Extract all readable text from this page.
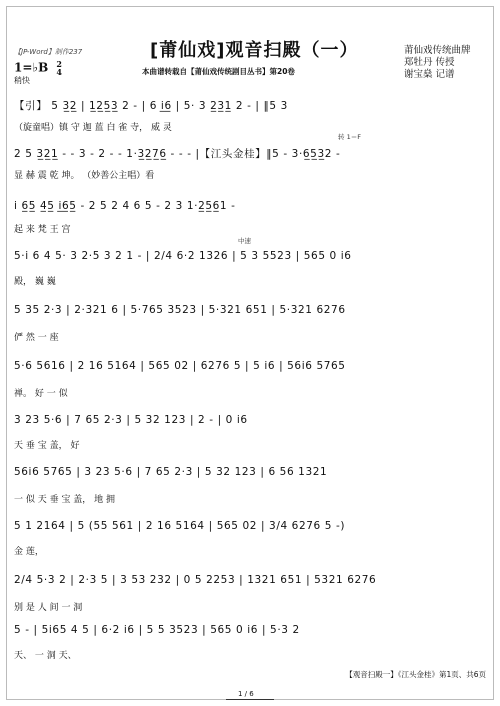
【JP-Word】制作237	[莆仙戏]观音扫殿（一）
本曲谱转载自【莆仙戏传统剧目丛书】第20卷
莆仙戏传统曲牌
郑牡丹 传授
谢宝燊 记谱
1=♭B 2
4
稍快
【引】 5 3̲2̲ | 1̲2̲5̲3̲ 2 - | 6 i̲6̲ | 5· 3 2̲3̲1̲ 2 - | ‖5 3
（旋童唱）镇 守 迦 蓝 白 雀 寺， 威 灵
转 1＝F
2 5 3̲2̲1̲ - - 3 - 2 - - 1·3̲2̲7̲6̲ - - - |【江头金桂】‖5 - 3·6̲5̲3̲2 -
显 赫 震 乾 坤。 （妙善公主唱）看
i 6̲5̲ 4̲5̲ i̲6̲5̲ - 2 5 2 4 6 5 - 2 3 1·2̲5̲6̲1 -
起 来 梵 王 宫
中速
5·i 6 4 5· 3 2·5 3 2 1 - | 2/4 6·2 1326 | 5 3 5523 | 565 0 i6
殿， 巍 巍
5 35 2·3 | 2·321 6 | 5·765 3523 | 5·321 651 | 5·321 6276
俨 然 一 座
5·6 5616 | 2 16 5164 | 565 02 | 6276 5 | 5 i6 | 56i6 5765
禅。 好 一 似
3 23 5·6 | 7 65 2·3 | 5 32 123 | 2 - | 0 i6
天 垂 宝 盖， 好
56i6 5765 | 3 23 5·6 | 7 65 2·3 | 5 32 123 | 6 56 1321
一 似 天 垂 宝 盖， 地 拥
5 1 2164 | 5 (55 561 | 2 16 5164 | 565 02 | 3/4 6276 5 -)
金 莲，
2/4 5·3 2 | 2·3 5 | 3 53 232 | 0 5 2253 | 1321 651 | 5321 6276
别 是 人 间 一 洞
5 - | 5i65 4 5 | 6·2 i6 | 5 5 3523 | 565 0 i6 | 5·3 2
天、 一 洞 天、
【观音扫殿一】《江头金桂》第1页、共6页
1 / 6
